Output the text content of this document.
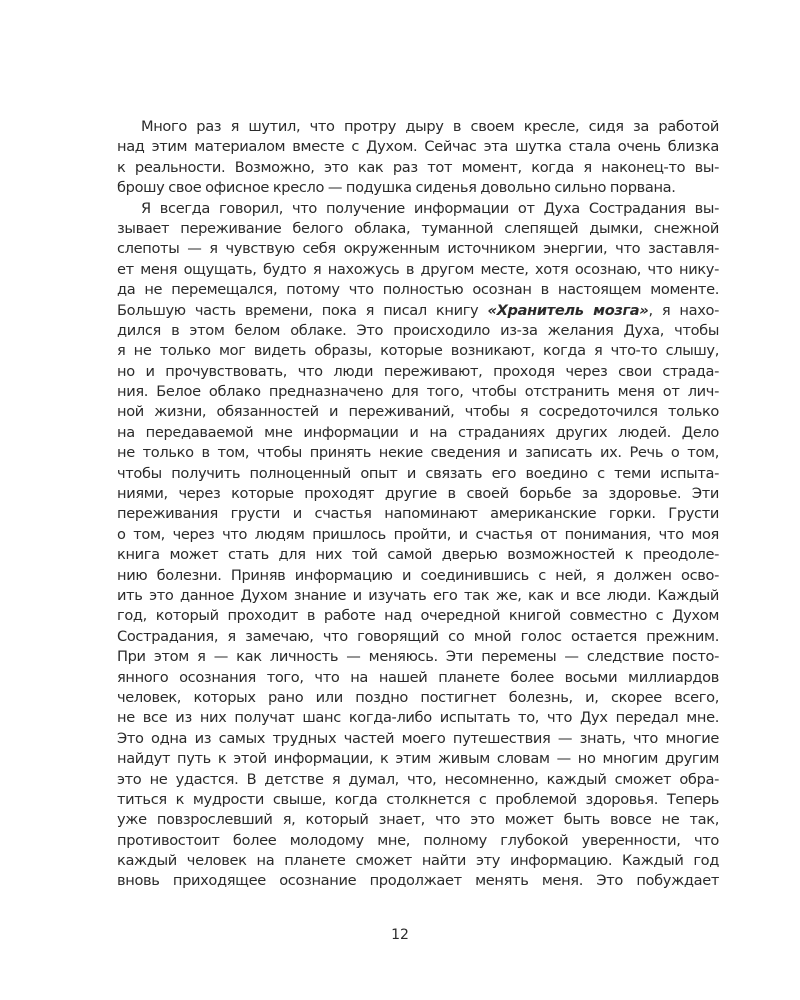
Много раз я шутил, что протру дыру в своем кресле, сидя за работой
над этим материалом вместе с Духом. Сейчас эта шутка стала очень близка
к реальности. Возможно, это как раз тот момент, когда я наконец-то вы-
брошу свое офисное кресло — подушка сиденья довольно сильно порвана.
Я всегда говорил, что получение информации от Духа Сострадания вы-
зывает переживание белого облака, туманной слепящей дымки, снежной
слепоты — я чувствую себя окруженным источником энергии, что заставля-
ет меня ощущать, будто я нахожусь в другом месте, хотя осознаю, что нику-
да не перемещался, потому что полностью осознан в настоящем моменте.
Большую часть времени, пока я писал книгу «Хранитель мозга», я нахо-
дился в этом белом облаке. Это происходило из-за желания Духа, чтобы
я не только мог видеть образы, которые возникают, когда я что-то слышу,
но и прочувствовать, что люди переживают, проходя через свои страда-
ния. Белое облако предназначено для того, чтобы отстранить меня от лич-
ной жизни, обязанностей и переживаний, чтобы я сосредоточился только
на передаваемой мне информации и на страданиях других людей. Дело
не только в том, чтобы принять некие сведения и записать их. Речь о том,
чтобы получить полноценный опыт и связать его воедино с теми испыта-
ниями, через которые проходят другие в своей борьбе за здоровье. Эти
переживания грусти и счастья напоминают американские горки. Грусти
о том, через что людям пришлось пройти, и счастья от понимания, что моя
книга может стать для них той самой дверью возможностей к преодоле-
нию болезни. Приняв информацию и соединившись с ней, я должен осво-
ить это данное Духом знание и изучать его так же, как и все люди. Каждый
год, который проходит в работе над очередной книгой совместно с Духом
Сострадания, я замечаю, что говорящий со мной голос остается прежним.
При этом я — как личность — меняюсь. Эти перемены — следствие посто-
янного осознания того, что на нашей планете более восьми миллиардов
человек, которых рано или поздно постигнет болезнь, и, скорее всего,
не все из них получат шанс когда-либо испытать то, что Дух передал мне.
Это одна из самых трудных частей моего путешествия — знать, что многие
найдут путь к этой информации, к этим живым словам — но многим другим
это не удастся. В детстве я думал, что, несомненно, каждый сможет обра-
титься к мудрости свыше, когда столкнется с проблемой здоровья. Теперь
уже повзрослевший я, который знает, что это может быть вовсе не так,
противостоит более молодому мне, полному глубокой уверенности, что
каждый человек на планете сможет найти эту информацию. Каждый год
вновь приходящее осознание продолжает менять меня. Это побуждает
12
